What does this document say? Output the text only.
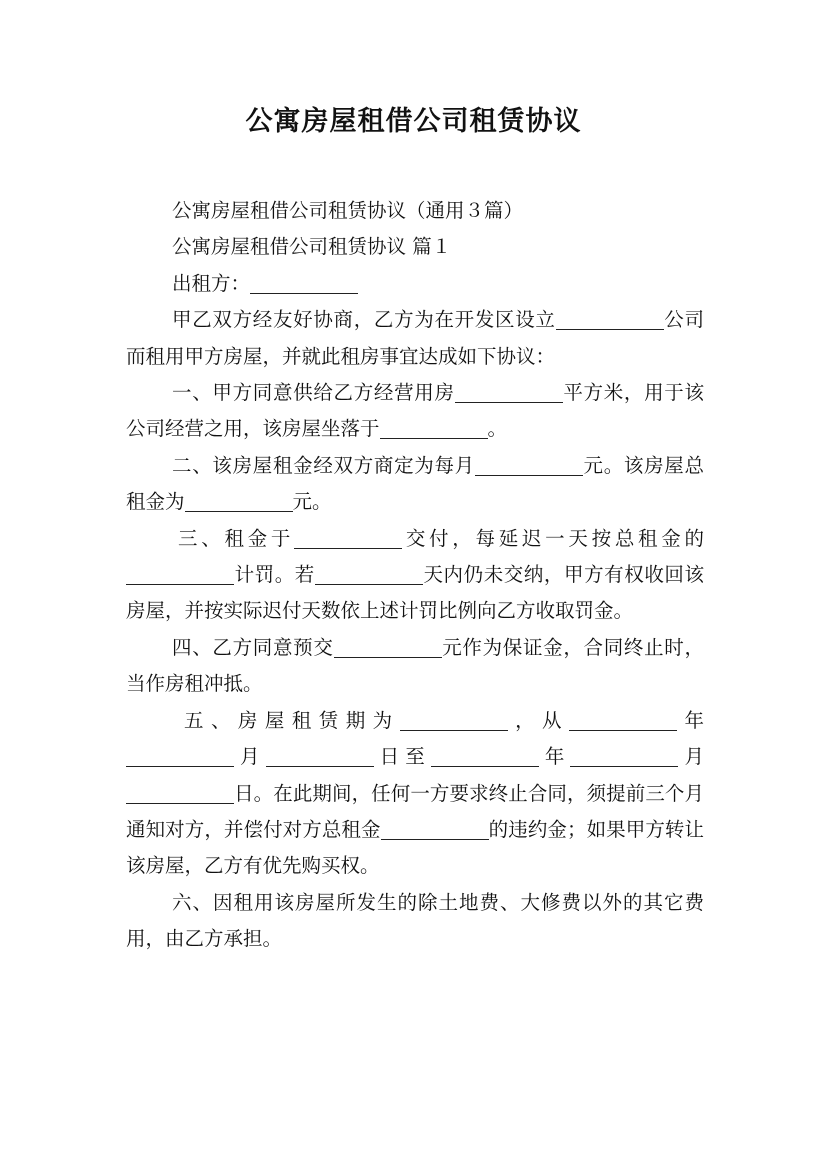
公寓房屋租借公司租赁协议

公寓房屋租借公司租赁协议（通用３篇）

公寓房屋租借公司租赁协议 篇１

出租方：

甲乙双方经友好协商，乙方为在开发区设立	公司而租用甲方房屋，并就此租房事宜达成如下协议：

一、甲方同意供给乙方经营用房	平方米，用于该公司经营之用，该房屋坐落于	。

二、该房屋租金经双方商定为每月	元。该房屋总租金为	元。

三、租金于	交付，每延迟一天按总租金的计罚。若	天内仍未交纳，甲方有权收回该房屋，并按实际迟付天数依上述计罚比例向乙方收取罚金。

四、乙方同意预交	元作为保证金，合同终止时，当作房租冲抵。

五、房屋租赁期为	，从	年月	日至	年	月日。在此期间，任何一方要求终止合同，须提前三个月通知对方，并偿付对方总租金	的违约金；如果甲方转让该房屋，乙方有优先购买权。

六、因租用该房屋所发生的除土地费、大修费以外的其它费用，由乙方承担。
